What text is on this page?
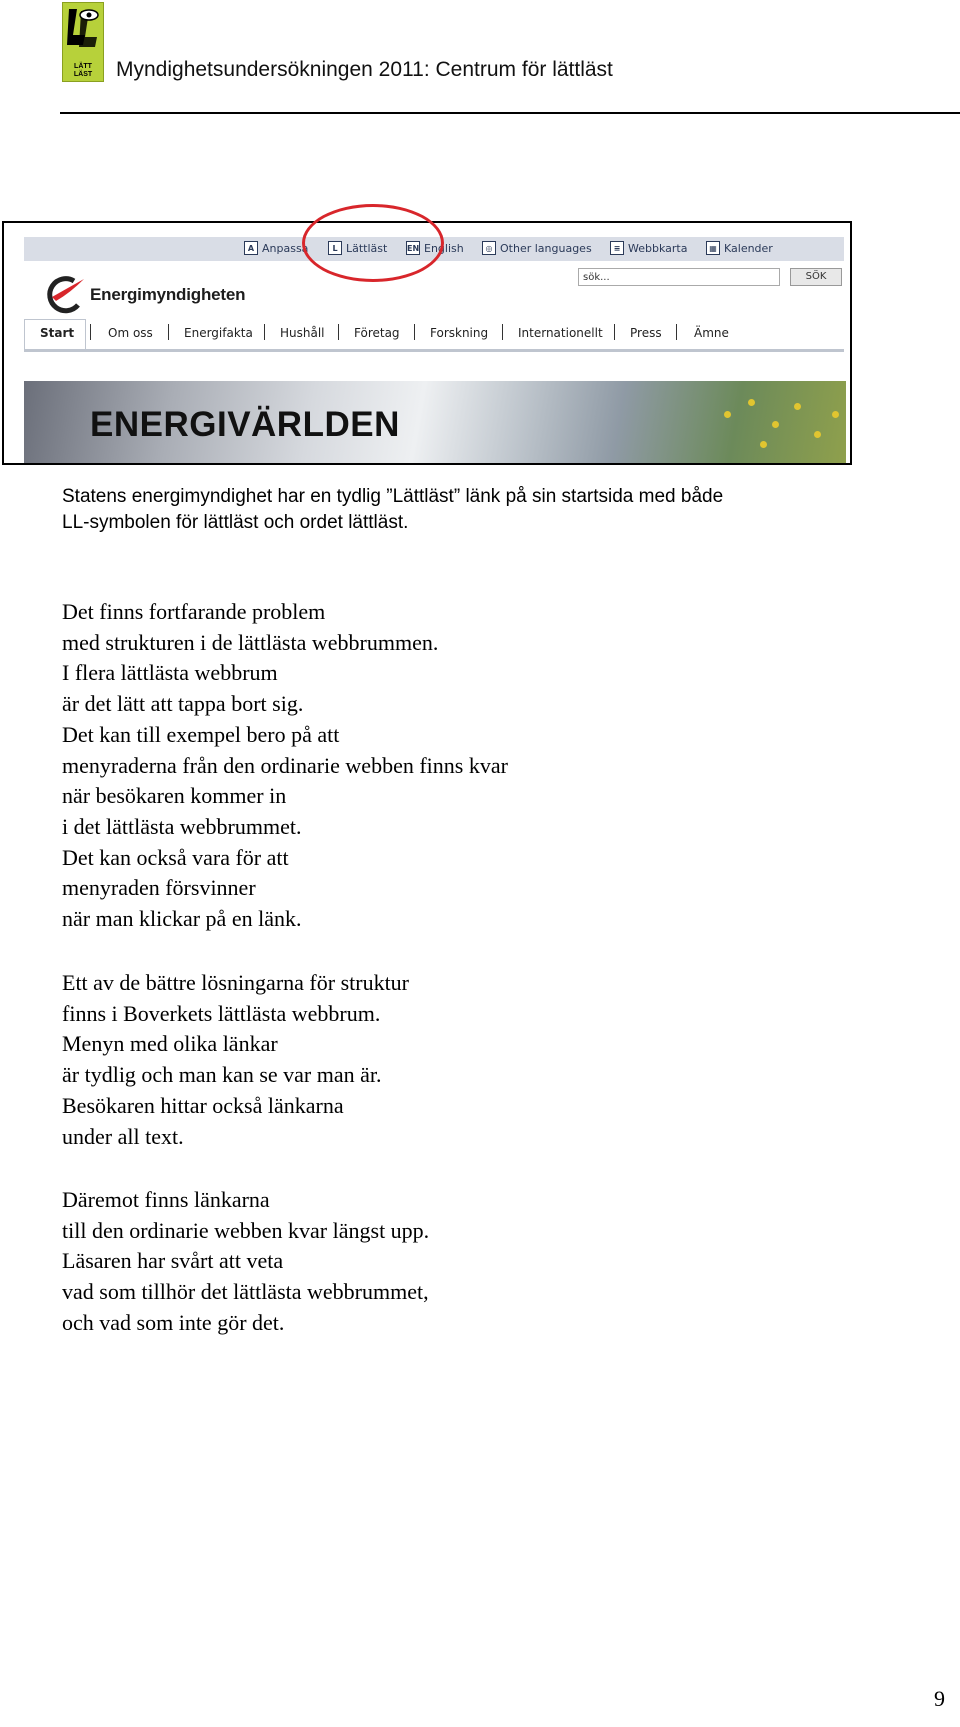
LÄTT
LÄST	Myndighetsundersökningen 2011: Centrum för lättläst
A Anpassa	L Lättläst EN English	◎ Other languages	≡ Webbkarta	▦ Kalender
Energimyndigheten
sök...	SÖK
Start	Om oss	Energifakta Hushåll Företag	Forskning Internationellt Press	Ämne
ENERGIVÄRLDEN
Statens energimyndighet har en tydlig ”Lättläst” länk på sin startsida med både
LL-symbolen för lättläst och ordet lättläst.
Det finns fortfarande problem
med strukturen i de lättlästa webbrummen.
I flera lättlästa webbrum
är det lätt att tappa bort sig.
Det kan till exempel bero på att
menyraderna från den ordinarie webben finns kvar
när besökaren kommer in
i det lättlästa webbrummet.
Det kan också vara för att
menyraden försvinner
när man klickar på en länk.
Ett av de bättre lösningarna för struktur
finns i Boverkets lättlästa webbrum.
Menyn med olika länkar
är tydlig och man kan se var man är.
Besökaren hittar också länkarna
under all text.
Däremot finns länkarna
till den ordinarie webben kvar längst upp.
Läsaren har svårt att veta
vad som tillhör det lättlästa webbrummet,
och vad som inte gör det.
9
